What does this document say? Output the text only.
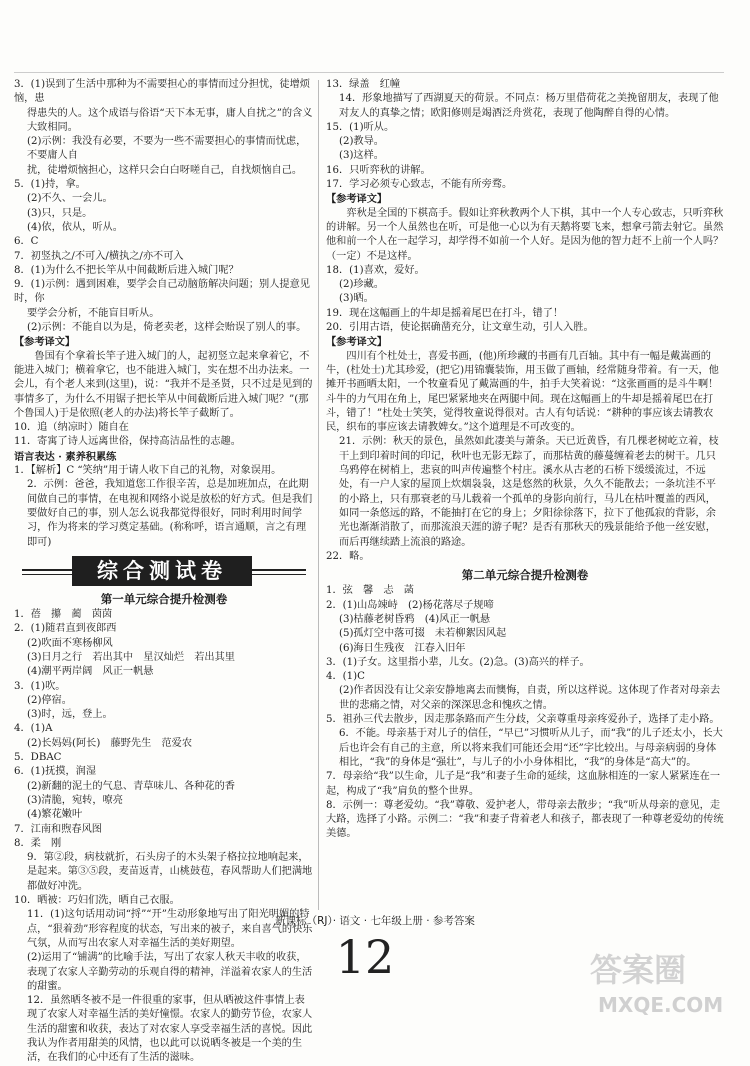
3．(1)误到了生活中那种为不需要担心的事情而过分担忧，徒增烦恼，患

得患失的人。这个成语与俗语“天下本无事，庸人自扰之”的含义

大致相同。

(2)示例：我没有必要，不要为一些不需要担心的事情而忧虑，不要庸人自

扰，徒增烦恼担心，这样只会白白呀嗟自己，自找烦恼自己。

5．(1)持，拿。

(2)不久、一会儿。

(3)只，只是。

(4)依，依从，听从。

6．C

7．初竖执之/不可入/横执之/亦不可入

8．(1)为什么不把长竿从中间截断后进入城门呢？

9．(1)示例：遇到困难，要学会自己动脑筋解决问题；别人提意见时，你

要学会分析，不能盲目听从。

(2)示例：不能自以为是，倚老卖老，这样会贻误了别人的事。

【参考译文】

鲁国有个拿着长竿子进入城门的人，起初竖立起来拿着它，不能进入城门；横着拿它，也不能进入城门，实在想不出办法来。一会儿，有个老人来到(这里)，说：“我并不是圣贤，只不过是见到的事情多了，为什么不用锯子把长竿从中间截断后进入城门呢？”(那个鲁国人)于是依照(老人的办法)将长竿子截断了。

10．追（纳凉时）随自在

11．寄寓了诗人远离世俗，保持高洁品性的志趣。

语言表达 · 素养积累练

1．【解析】C “笑纳”用于请人收下自己的礼物，对象误用。

2．示例：爸爸，我知道您工作很辛苦，总是加班加点，在此期间做自己的事情，在电视和网络小说是放松的好方式。但是我们要做好自己的事，别人怎么说我都觉得很好，同时利用时间学习，作为将来的学习奠定基础。(称称呼，语言通顺，言之有理即可)

综合测试卷
第一单元综合提升检测卷

1．蓓　攥　蔺　茵茵

2．(1)随君直到夜郎西

(2)吹面不寒杨柳风

(3)日月之行　若出其中　星汉灿烂　若出其里

(4)潮平两岸阔　风正一帆悬

3．(1)吹。

(2)停宿。

(3)时，远，登上。

4．(1)A

(2)长妈妈(阿长)　藤野先生　范爱农

5．DBAC

6．(1)抚摸，润湿

(2)新翻的泥土的气息、青草味儿、各种花的香

(3)清脆，宛转，嘹亮

(4)繁花嫩叶

7．江南和煦春风图

8．柔　刚

9．第②段，病枝就折，石头房子的木头架子格拉拉地响起来，是起来。第③⑤段，麦苗返青，山桃鼓苞，春风帮助人们把满地都做好冲洗。

10．晒被：巧妇们洗，晒自己衣服。

11．(1)这句话用动词“捋”“开”生动形象地写出了阳光明媚的特点，“狠着劲”形容程度的状态，写出来的被子，来自喜气的快乐气氛，从而写出农家人对幸福生活的美好期望。

(2)运用了“铺满”的比喻手法，写出了农家人秋天丰收的收获，表现了农家人辛勤劳动的乐观自得的精神，洋溢着农家人的生活的甜蜜。

12．虽然晒冬被不是一件很重的家事，但从晒被这件事情上表现了农家人对幸福生活的美好憧憬。农家人的勤劳节俭，农家人生活的甜蜜和收获，表达了对农家人享受幸福生活的喜悦。因此我认为作者用甜美的风情，也以此可以说晒冬被是一个美的生活，在我们的心中还有了生活的滋味。

13．绿盖　红幢

14．形象地描写了西湖夏天的荷景。不同点：杨万里借荷花之美挽留朋友，表现了他对友人的真挚之情；欧阳修则是竭酒泛舟赏花，表现了他陶醉自得的心情。

15．(1)听从。

(2)教导。

(3)这样。

16．只听弈秋的讲解。

17．学习必须专心致志，不能有所旁骛。

【参考译文】

弈秋是全国的下棋高手。假如让弈秋教两个人下棋，其中一个人专心致志，只听弈秋的讲解。另一个人虽然也在听，可是他一心以为有天鹅将要飞来，想拿弓箭去射它。虽然他和前一个人在一起学习，却学得不如前一个人好。是因为他的智力赶不上前一个人吗？（一定）不是这样。

18．(1)喜欢，爱好。

(2)珍藏。

(3)晒。

19．现在这幅画上的牛却是摇着尾巴在打斗，错了！

20．引用古语，使论据确凿充分，让文章生动，引人入胜。

【参考译文】

四川有个杜处士，喜爱书画，(他)所珍藏的书画有几百轴。其中有一幅是戴嵩画的牛，(杜处士)尤其珍爱，(把它)用锦囊装饰，用玉做了画轴，经常随身带着。有一天，他摊开书画晒太阳，一个牧童看见了戴嵩画的牛，拍手大笑着说：“这张画画的是斗牛啊！斗牛的力气用在角上，尾巴紧紧地夹在两腿中间。现在这幅画上的牛却是摇着尾巴在打斗，错了！”杜处士笑笑，觉得牧童说得很对。古人有句话说：“耕种的事应该去请教农民，织布的事应该去请教婢女。”这个道理是不可改变的。

21．示例：秋天的景色，虽然如此凄美与萧条。天已近黄昏，有几棵老树屹立着，枝干上到印着时间的印记，秋叶也无影无踪了，而那枯黄的藤蔓缠着老去的树干。几只乌鸦停在树梢上，悲哀的叫声传遍整个村庄。溪水从古老的石桥下缓缓流过，不远处，有一户人家的屋顶上炊烟袅袅，这是悠然的秋景，久久不能散去；一条坑洼不平的小路上，只有那衰老的马儿载着一个孤单的身影向前行，马儿在枯叶覆盖的西风，如同一条悠远的路，不能抽打在它的身上；夕阳徐徐落下，拉下了他孤寂的背影，余光也渐渐消散了，而那流浪天涯的游子呢？是否有那秋天的残景能给予他一丝安慰，而后再继续踏上流浪的路途。

22．略。

第二单元综合提升检测卷

1．弦　馨　忐　菡

2．(1)山岛竦峙　(2)杨花落尽子规啼

(3)枯藤老树昏鸦　(4)风正一帆悬

(5)孤灯空中落可掇　未若柳絮因风起

(6)海日生残夜　江春入旧年

3．(1)子女。这里指小辈，儿女。(2)急。(3)高兴的样子。

4．(1)C

(2)作者因没有让父亲安静地离去而懊悔，自责，所以这样说。这体现了作者对母亲去世的悲痛之情，对父亲的深深思念和愧疚之情。

5．祖孙三代去散步，因走那条路而产生分歧，父亲尊重母亲疼爱孙子，选择了走小路。

6．不能。母亲基于对儿子的信任，“早已”习惯听从儿子，而“我”的儿子还太小，长大后也许会有自己的主意，所以将来我们可能还会用“还”字比较出。与母亲病弱的身体相比，“我”的身体是“强壮”，与儿子的小小身体相比，“我”的身体是“高大”的。

7．母亲给“我”以生命，儿子是“我”和妻子生命的延续，这血脉相连的一家人紧紧连在一起，构成了“我”肩负的整个世界。

8．示例一：尊老爱幼。“我”尊敬、爱护老人，带母亲去散步；“我”听从母亲的意见，走大路，选择了小路。示例二：“我”和妻子背着老人和孩子，都表现了一种尊老爱幼的传统美德。

新课标（RJ）· 语文 · 七年级上册 · 参考答案
12	答案圈
MXQE.COM
